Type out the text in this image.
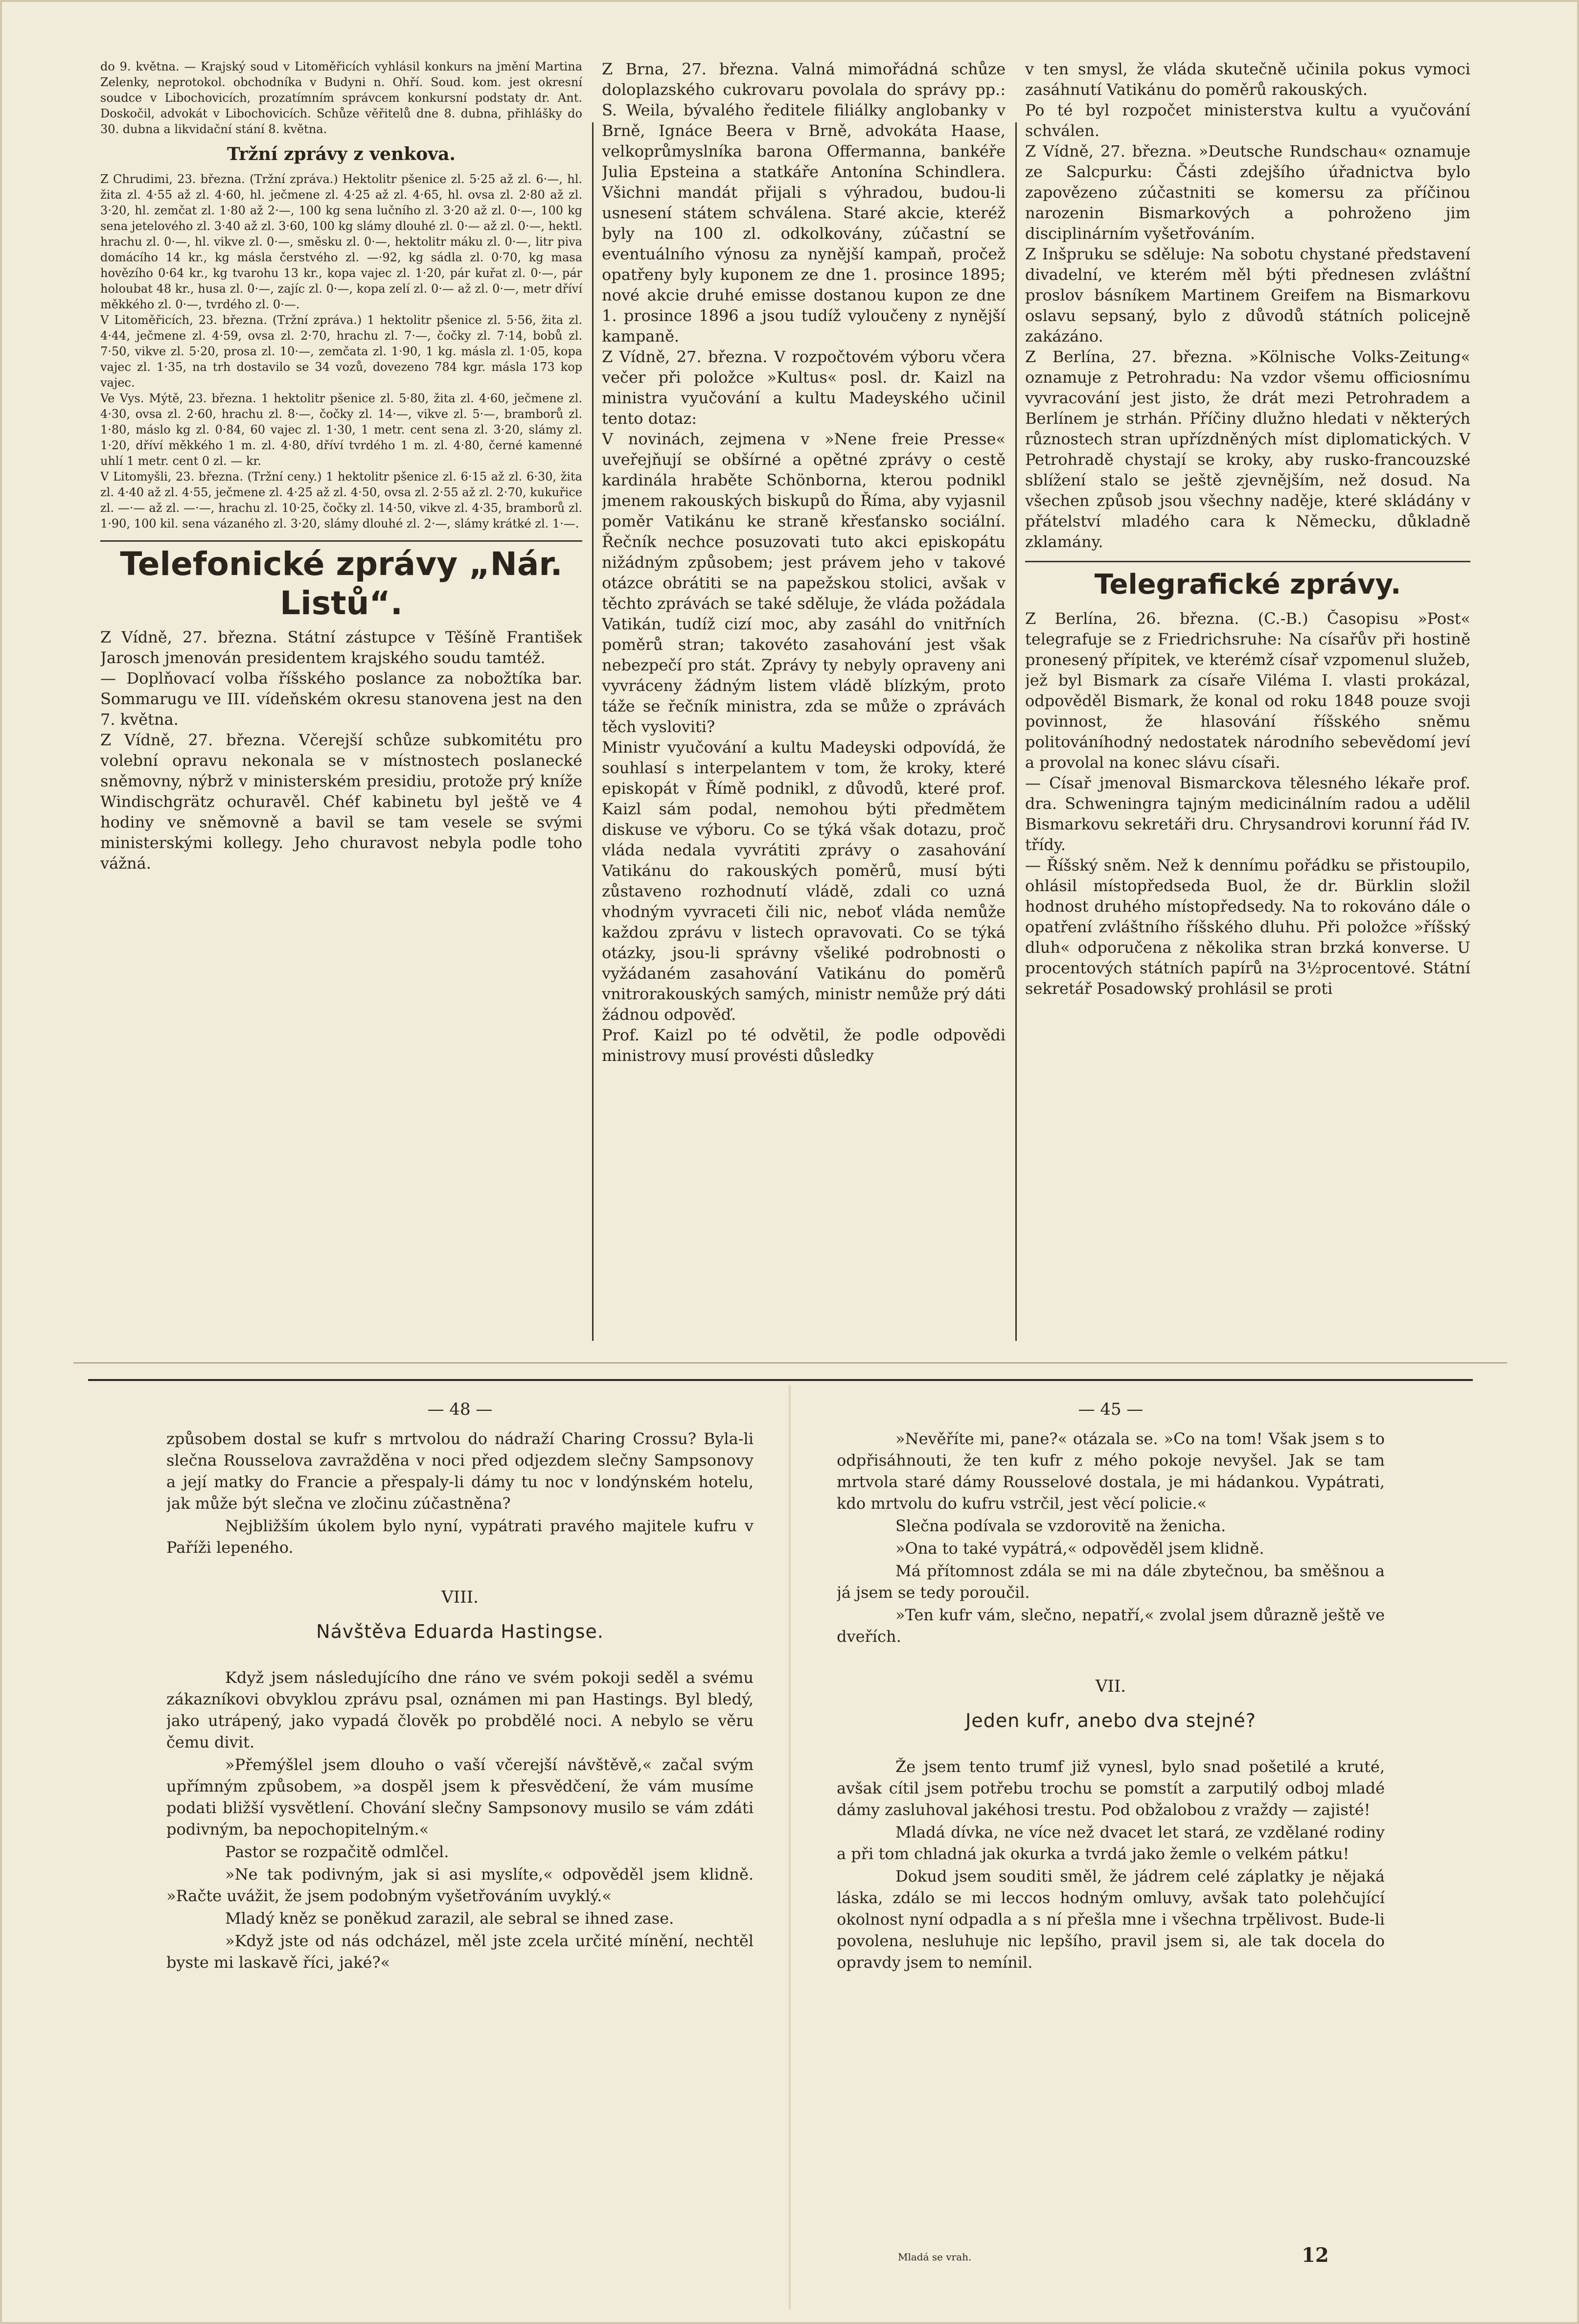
do 9. května. — Krajský soud v Litoměřicích vyhlásil konkurs na jmění Martina Zelenky, neprotokol. obchodníka v Budyni n. Ohří. Soud. kom. jest okresní soudce v Libochovicích, prozatímním správcem konkursní podstaty dr. Ant. Doskočil, advokát v Libochovicích. Schůze věřitelů dne 8. dubna, přihlášky do 30. dubna a likvidační stání 8. května.

Tržní zprávy z venkova.

Z Chrudimi, 23. března. (Tržní zpráva.) Hektolitr pšenice zl. 5·25 až zl. 6·—, hl. žita zl. 4·55 až zl. 4·60, hl. ječmene zl. 4·25 až zl. 4·65, hl. ovsa zl. 2·80 až zl. 3·20, hl. zemčat zl. 1·80 až 2·—, 100 kg sena lučního zl. 3·20 až zl. 0·—, 100 kg sena jetelového zl. 3·40 až zl. 3·60, 100 kg slámy dlouhé zl. 0·— až zl. 0·—, hektl. hrachu zl. 0·—, hl. vikve zl. 0·—, směsku zl. 0·—, hektolitr máku zl. 0·—, litr piva domácího 14 kr., kg másla čerstvého zl. —·92, kg sádla zl. 0·70, kg masa hovězího 0·64 kr., kg tvarohu 13 kr., kopa vajec zl. 1·20, pár kuřat zl. 0·—, pár holoubat 48 kr., husa zl. 0·—, zajíc zl. 0·—, kopa zelí zl. 0·— až zl. 0·—, metr dříví měkkého zl. 0·—, tvrdého zl. 0·—.

V Litoměřicích, 23. března. (Tržní zpráva.) 1 hektolitr pšenice zl. 5·56, žita zl. 4·44, ječmene zl. 4·59, ovsa zl. 2·70, hrachu zl. 7·—, čočky zl. 7·14, bobů zl. 7·50, vikve zl. 5·20, prosa zl. 10·—, zemčata zl. 1·90, 1 kg. másla zl. 1·05, kopa vajec zl. 1·35, na trh dostavilo se 34 vozů, dovezeno 784 kgr. másla 173 kop vajec.

Ve Vys. Mýtě, 23. března. 1 hektolitr pšenice zl. 5·80, žita zl. 4·60, ječmene zl. 4·30, ovsa zl. 2·60, hrachu zl. 8·—, čočky zl. 14·—, vikve zl. 5·—, bramborů zl. 1·80, máslo kg zl. 0·84, 60 vajec zl. 1·30, 1 metr. cent sena zl. 3·20, slámy zl. 1·20, dříví měkkého 1 m. zl. 4·80, dříví tvrdého 1 m. zl. 4·80, černé kamenné uhlí 1 metr. cent 0 zl. — kr.

V Litomyšli, 23. března. (Tržní ceny.) 1 hektolitr pšenice zl. 6·15 až zl. 6·30, žita zl. 4·40 až zl. 4·55, ječmene zl. 4·25 až zl. 4·50, ovsa zl. 2·55 až zl. 2·70, kukuřice zl. —·— až zl. —·—, hrachu zl. 10·25, čočky zl. 14·50, vikve zl. 4·35, bramborů zl. 1·90, 100 kil. sena vázaného zl. 3·20, slámy dlouhé zl. 2·—, slámy krátké zl. 1·—.

Telefonické zprávy „Nár. Listů“.

Z Vídně, 27. března. Státní zástupce v Těšíně František Jarosch jmenován presidentem krajského soudu tamtéž.

— Doplňovací volba říšského poslance za nobožtíka bar. Sommarugu ve III. vídeňském okresu stanovena jest na den 7. května.

Z Vídně, 27. března. Včerejší schůze subkomitétu pro volební opravu nekonala se v místnostech poslanecké sněmovny, nýbrž v ministerském presidiu, protože prý kníže Windischgrätz ochuravěl. Chéf kabinetu byl ještě ve 4 hodiny ve sněmovně a bavil se tam vesele se svými ministerskými kollegy. Jeho churavost nebyla podle toho vážná.

Z Brna, 27. března. Valná mimořádná schůze doloplazského cukrovaru povolala do správy pp.: S. Weila, bývalého ředitele filiálky anglobanky v Brně, Ignáce Beera v Brně, advokáta Haase, velkoprůmyslníka barona Offermanna, bankéře Julia Epsteina a statkáře Antonína Schindlera. Všichni mandát přijali s výhradou, budou-li usnesení státem schválena. Staré akcie, kteréž byly na 100 zl. odkolkovány, zúčastní se eventuálního výnosu za nynější kampaň, pročež opatřeny byly kuponem ze dne 1. prosince 1895; nové akcie druhé emisse dostanou kupon ze dne 1. prosince 1896 a jsou tudíž vyloučeny z nynější kampaně.

Z Vídně, 27. března. V rozpočtovém výboru včera večer při položce »Kultus« posl. dr. Kaizl na ministra vyučování a kultu Madeyského učinil tento dotaz:

V novinách, zejmena v »Nene freie Presse« uveřejňují se obšírné a opětné zprávy o cestě kardinála hraběte Schönborna, kterou podnikl jmenem rakouských biskupů do Říma, aby vyjasnil poměr Vatikánu ke straně křesťansko sociální. Řečník nechce posuzovati tuto akci episkopátu nižádným způsobem; jest právem jeho v takové otázce obrátiti se na papežskou stolici, avšak v těchto zprávách se také sděluje, že vláda požádala Vatikán, tudíž cizí moc, aby zasáhl do vnitřních poměrů stran; takovéto zasahování jest však nebezpečí pro stát. Zprávy ty nebyly opraveny ani vyvráceny žádným listem vládě blízkým, proto táže se řečník ministra, zda se může o zprávách těch vysloviti?

Ministr vyučování a kultu Madeyski odpovídá, že souhlasí s interpelantem v tom, že kroky, které episkopát v Římě podnikl, z důvodů, které prof. Kaizl sám podal, nemohou býti předmětem diskuse ve výboru. Co se týká však dotazu, proč vláda nedala vyvrátiti zprávy o zasahování Vatikánu do rakouských poměrů, musí býti zůstaveno rozhodnutí vládě, zdali co uzná vhodným vyvraceti čili nic, neboť vláda nemůže každou zprávu v listech opravovati. Co se týká otázky, jsou-li správny všeliké podrobnosti o vyžádaném zasahování Vatikánu do poměrů vnitrorakouských samých, ministr nemůže prý dáti žádnou odpověď.

Prof. Kaizl po té odvětil, že podle odpovědi ministrovy musí provésti důsledky

v ten smysl, že vláda skutečně učinila pokus vymoci zasáhnutí Vatikánu do poměrů rakouských.

Po té byl rozpočet ministerstva kultu a vyučování schválen.

Z Vídně, 27. března. »Deutsche Rundschau« oznamuje ze Salcpurku: Části zdejšího úřadnictva bylo zapovězeno zúčastniti se komersu za příčinou narozenin Bismarkových a pohroženo jim disciplinárním vyšetřováním.

Z Inšpruku se sděluje: Na sobotu chystané představení divadelní, ve kterém měl býti přednesen zvláštní proslov básníkem Martinem Greifem na Bismarkovu oslavu sepsaný, bylo z důvodů státních policejně zakázáno.

Z Berlína, 27. března. »Kölnische Volks-Zeitung« oznamuje z Petrohradu: Na vzdor všemu officiosnímu vyvracování jest jisto, že drát mezi Petrohradem a Berlínem je strhán. Příčiny dlužno hledati v některých různostech stran upřízdněných míst diplomatických. V Petrohradě chystají se kroky, aby rusko-francouzské sblížení stalo se ještě zjevnějším, než dosud. Na všechen způsob jsou všechny naděje, které skládány v přátelství mladého cara k Německu, důkladně zklamány.

Telegrafické zprávy.

Z Berlína, 26. března. (C.-B.) Časopisu »Post« telegrafuje se z Friedrichsruhe: Na císařův při hostině pronesený přípitek, ve kterémž císař vzpomenul služeb, jež byl Bismark za císaře Viléma I. vlasti prokázal, odpověděl Bismark, že konal od roku 1848 pouze svoji povinnost, že hlasování říšského sněmu politováníhodný nedostatek národního sebevědomí jeví a provolal na konec slávu císaři.

— Císař jmenoval Bismarckova tělesného lékaře prof. dra. Schweningra tajným medicinálním radou a udělil Bismarkovu sekretáři dru. Chrysandrovi korunní řád IV. třídy.

— Říšský sněm. Než k dennímu pořádku se přistoupilo, ohlásil místopředseda Buol, že dr. Bürklin složil hodnost druhého místopředsedy. Na to rokováno dále o opatření zvláštního říšského dluhu. Při položce »říšský dluh« odporučena z několika stran brzká konverse. U procentových státních papírů na 3½procentové. Státní sekretář Posadowský prohlásil se proti

— 48 —

způsobem dostal se kufr s mrtvolou do nádraží Charing Crossu? Byla-li slečna Rousselova zavražděna v noci před odjezdem slečny Sampsonovy a její matky do Francie a přespaly-li dámy tu noc v londýnském hotelu, jak může být slečna ve zločinu zúčastněna?

Nejbližším úkolem bylo nyní, vypátrati pravého majitele kufru v Paříži lepeného.

VIII.
Návštěva Eduarda Hastingse.

Když jsem následujícího dne ráno ve svém pokoji seděl a svému zákazníkovi obvyklou zprávu psal, oznámen mi pan Hastings. Byl bledý, jako utrápený, jako vypadá člověk po probdělé noci. A nebylo se věru čemu divit.

»Přemýšlel jsem dlouho o vaší včerejší návštěvě,« začal svým upřímným způsobem, »a dospěl jsem k přesvědčení, že vám musíme podati bližší vysvětlení. Chování slečny Sampsonovy musilo se vám zdáti podivným, ba nepochopitelným.«

Pastor se rozpačitě odmlčel.

»Ne tak podivným, jak si asi myslíte,« odpověděl jsem klidně. »Račte uvážit, že jsem podobným vyšetřováním uvyklý.«

Mladý kněz se poněkud zarazil, ale sebral se ihned zase.

»Když jste od nás odcházel, měl jste zcela určité mínění, nechtěl byste mi laskavě říci, jaké?«

— 45 —

»Nevěříte mi, pane?« otázala se. »Co na tom! Však jsem s to odpřisáhnouti, že ten kufr z mého pokoje nevyšel. Jak se tam mrtvola staré dámy Rousselové dostala, je mi hádankou. Vypátrati, kdo mrtvolu do kufru vstrčil, jest věcí policie.«

Slečna podívala se vzdorovitě na ženicha.

»Ona to také vypátrá,« odpověděl jsem klidně.

Má přítomnost zdála se mi na dále zbytečnou, ba směšnou a já jsem se tedy poroučil.

»Ten kufr vám, slečno, nepatří,« zvolal jsem důrazně ještě ve dveřích.

VII.
Jeden kufr, anebo dva stejné?

Že jsem tento trumf již vynesl, bylo snad pošetilé a kruté, avšak cítil jsem potřebu trochu se pomstít a zarputilý odboj mladé dámy zasluhoval jakéhosi trestu. Pod obžalobou z vraždy — zajisté!

Mladá dívka, ne více než dvacet let stará, ze vzdělané rodiny a při tom chladná jak okurka a tvrdá jako žemle o velkém pátku!

Dokud jsem souditi směl, že jádrem celé záplatky je nějaká láska, zdálo se mi leccos hodným omluvy, avšak tato polehčující okolnost nyní odpadla a s ní přešla mne i všechna trpělivost. Bude-li povolena, nesluhuje nic lepšího, pravil jsem si, ale tak docela do opravdy jsem to nemínil.

Mladá se vrah.	12
